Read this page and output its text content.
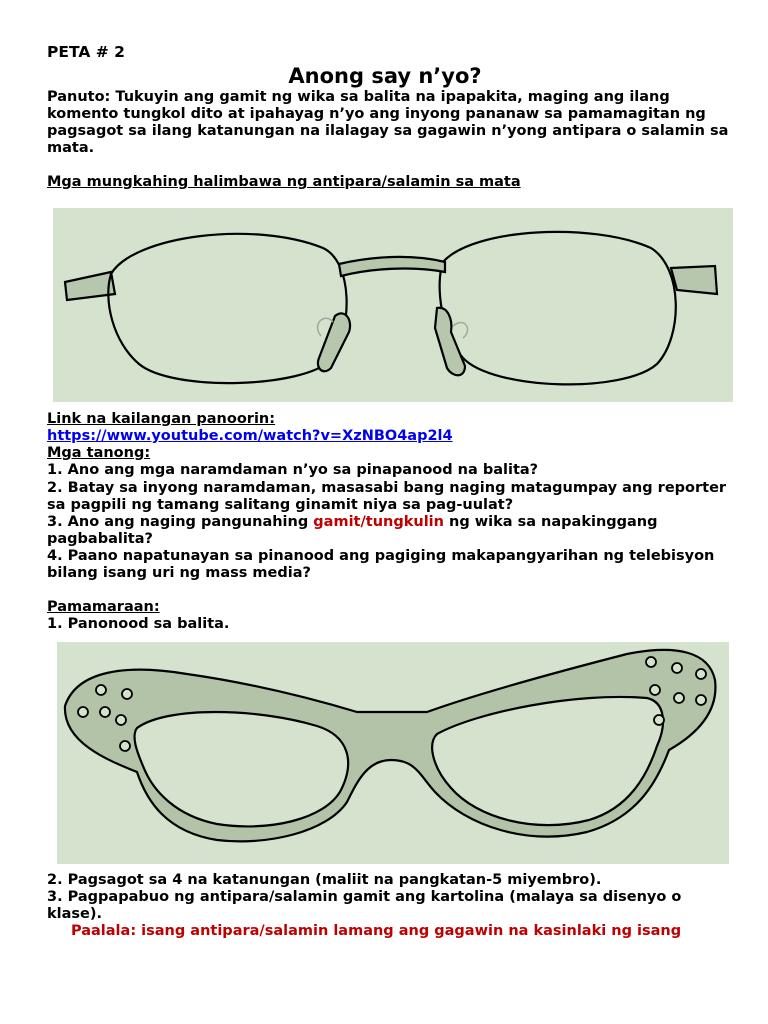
PETA # 2
Anong say n’yo?

Panuto: Tukuyin ang gamit ng wika sa balita na ipapakita, maging ang ilang komento tungkol dito at ipahayag n’yo ang inyong pananaw sa pamamagitan ng pagsagot sa ilang katanungan na ilalagay sa gagawin n’yong antipara o salamin sa mata.

Mga mungkahing halimbawa ng antipara/salamin sa mata

Link na kailangan panoorin:

https://www.youtube.com/watch?v=XzNBO4ap2l4

Mga tanong:

1. Ano ang mga naramdaman n’yo sa pinapanood na balita?

2. Batay sa inyong naramdaman, masasabi bang naging matagumpay ang reporter sa pagpili ng tamang salitang ginamit niya sa pag-uulat?

3. Ano ang naging pangunahing gamit/tungkulin ng wika sa napakinggang pagbabalita?

4. Paano napatunayan sa pinanood ang pagiging makapangyarihan ng telebisyon bilang isang uri ng mass media?

Pamamaraan:

1. Panonood sa balita.

2. Pagsagot sa 4 na katanungan (maliit na pangkatan-5 miyembro).

3. Pagpapabuo ng antipara/salamin gamit ang kartolina (malaya sa disenyo o klase).

Paalala: isang antipara/salamin lamang ang gagawin na kasinlaki ng isang
